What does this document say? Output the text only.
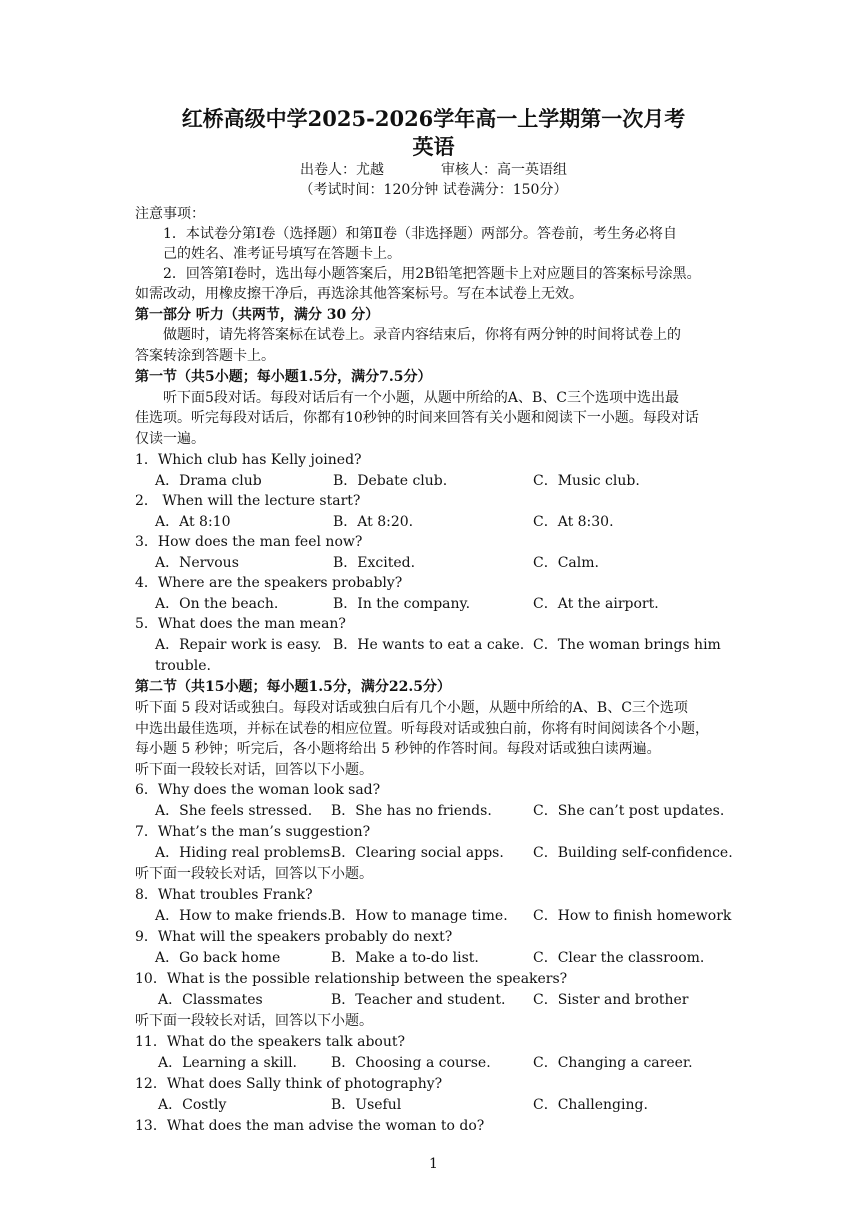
红桥高级中学2025-2026学年高一上学期第一次月考
英语
出卷人：尤越	审核人：高一英语组
（考试时间：120分钟 试卷满分：150分）
注意事项：
1．本试卷分第Ⅰ卷（选择题）和第Ⅱ卷（非选择题）两部分。答卷前，考生务必将自
己的姓名、准考证号填写在答题卡上。
2．回答第Ⅰ卷时，选出每小题答案后，用2B铅笔把答题卡上对应题目的答案标号涂黑。
如需改动，用橡皮擦干净后，再选涂其他答案标号。写在本试卷上无效。
第一部分 听力（共两节，满分 30 分）
做题时，请先将答案标在试卷上。录音内容结束后，你将有两分钟的时间将试卷上的
答案转涂到答题卡上。
第一节（共5小题；每小题1.5分，满分7.5分）
听下面5段对话。每段对话后有一个小题，从题中所给的A、B、C三个选项中选出最
佳选项。听完每段对话后，你都有10秒钟的时间来回答有关小题和阅读下一小题。每段对话
仅读一遍。
1．Which club has Kelly joined?
A．Drama club	B．Debate club.	C．Music club.
2． When will the lecture start?
A．At 8:10	B．At 8:20.	C．At 8:30.
3．How does the man feel now?
A．Nervous	B．Excited.	C．Calm.
4．Where are the speakers probably?
A．On the beach.	B．In the company.	C．At the airport.
5．What does the man mean?
A．Repair work is easy. B．He wants to eat a cake. C．The woman brings him
trouble.
第二节（共15小题；每小题1.5分，满分22.5分）
听下面 5 段对话或独白。每段对话或独白后有几个小题，从题中所给的A、B、C三个选项
中选出最佳选项，并标在试卷的相应位置。听每段对话或独白前，你将有时间阅读各个小题，
每小题 5 秒钟；听完后，各小题将给出 5 秒钟的作答时间。每段对话或独白读两遍。
听下面一段较长对话，回答以下小题。
6．Why does the woman look sad?
A．She feels stressed. B．She has no friends.	C．She can’t post updates.
7．What’s the man’s suggestion?
A．Hiding real problems.
B．Clearing social apps. C．Building self-confidence.
听下面一段较长对话，回答以下小题。
8．What troubles Frank?
A．How to make friends. B．How to manage time. C．How to finish homework
9．What will the speakers probably do next?
A．Go back home	B．Make a to-do list.	C．Clear the classroom.
10．What is the possible relationship between the speakers?
A．Classmates	B．Teacher and student. C．Sister and brother
听下面一段较长对话，回答以下小题。
11．What do the speakers talk about?
A．Learning a skill. B．Choosing a course.	C．Changing a career.
12．What does Sally think of photography?
A．Costly	B．Useful	C．Challenging.
13．What does the man advise the woman to do?
1
